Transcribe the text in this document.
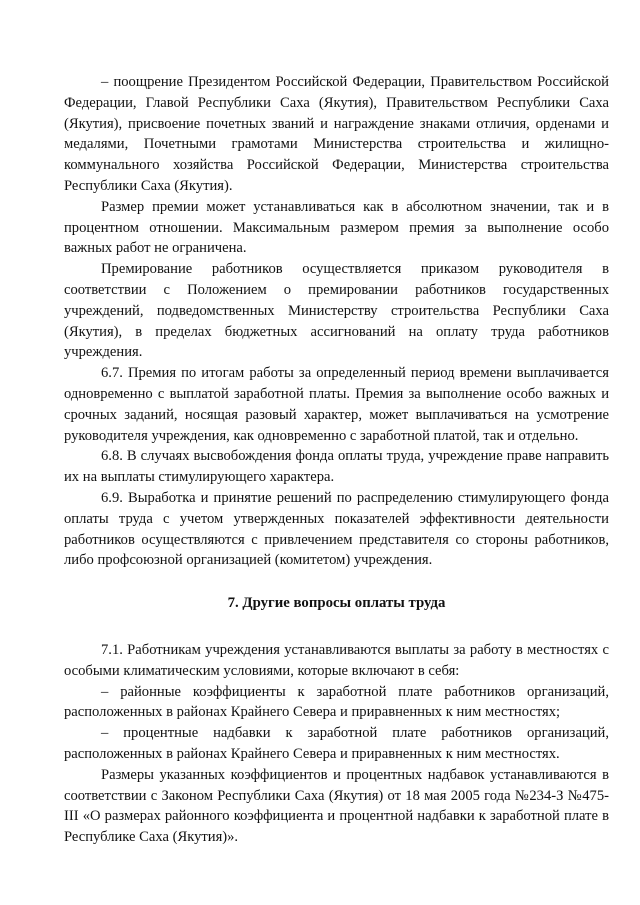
– поощрение Президентом Российской Федерации, Правительством Российской Федерации, Главой Республики Саха (Якутия), Правительством Республики Саха (Якутия), присвоение почетных званий и награждение знаками отличия, орденами и медалями, Почетными грамотами Министерства строительства и жилищно-коммунального хозяйства Российской Федерации, Министерства строительства Республики Саха (Якутия).

Размер премии может устанавливаться как в абсолютном значении, так и в процентном отношении. Максимальным размером премия за выполнение особо важных работ не ограничена.

Премирование работников осуществляется приказом руководителя в соответствии с Положением о премировании работников государственных учреждений, подведомственных Министерству строительства Республики Саха (Якутия), в пределах бюджетных ассигнований на оплату труда работников учреждения.

6.7. Премия по итогам работы за определенный период времени выплачивается одновременно с выплатой заработной платы. Премия за выполнение особо важных и срочных заданий, носящая разовый характер, может выплачиваться на усмотрение руководителя учреждения, как одновременно с заработной платой, так и отдельно.

6.8. В случаях высвобождения фонда оплаты труда, учреждение праве направить их на выплаты стимулирующего характера.

6.9. Выработка и принятие решений по распределению стимулирующего фонда оплаты труда с учетом утвержденных показателей эффективности деятельности работников осуществляются с привлечением представителя со стороны работников, либо профсоюзной организацией (комитетом) учреждения.

7. Другие вопросы оплаты труда

7.1. Работникам учреждения устанавливаются выплаты за работу в местностях с особыми климатическим условиями, которые включают в себя:

– районные коэффициенты к заработной плате работников организаций, расположенных в районах Крайнего Севера и приравненных к ним местностях;

– процентные надбавки к заработной плате работников организаций, расположенных в районах Крайнего Севера и приравненных к ним местностях.

Размеры указанных коэффициентов и процентных надбавок устанавливаются в соответствии с Законом Республики Саха (Якутия) от 18 мая 2005 года №234-З №475-III «О размерах районного коэффициента и процентной надбавки к заработной плате в Республике Саха (Якутия)».
